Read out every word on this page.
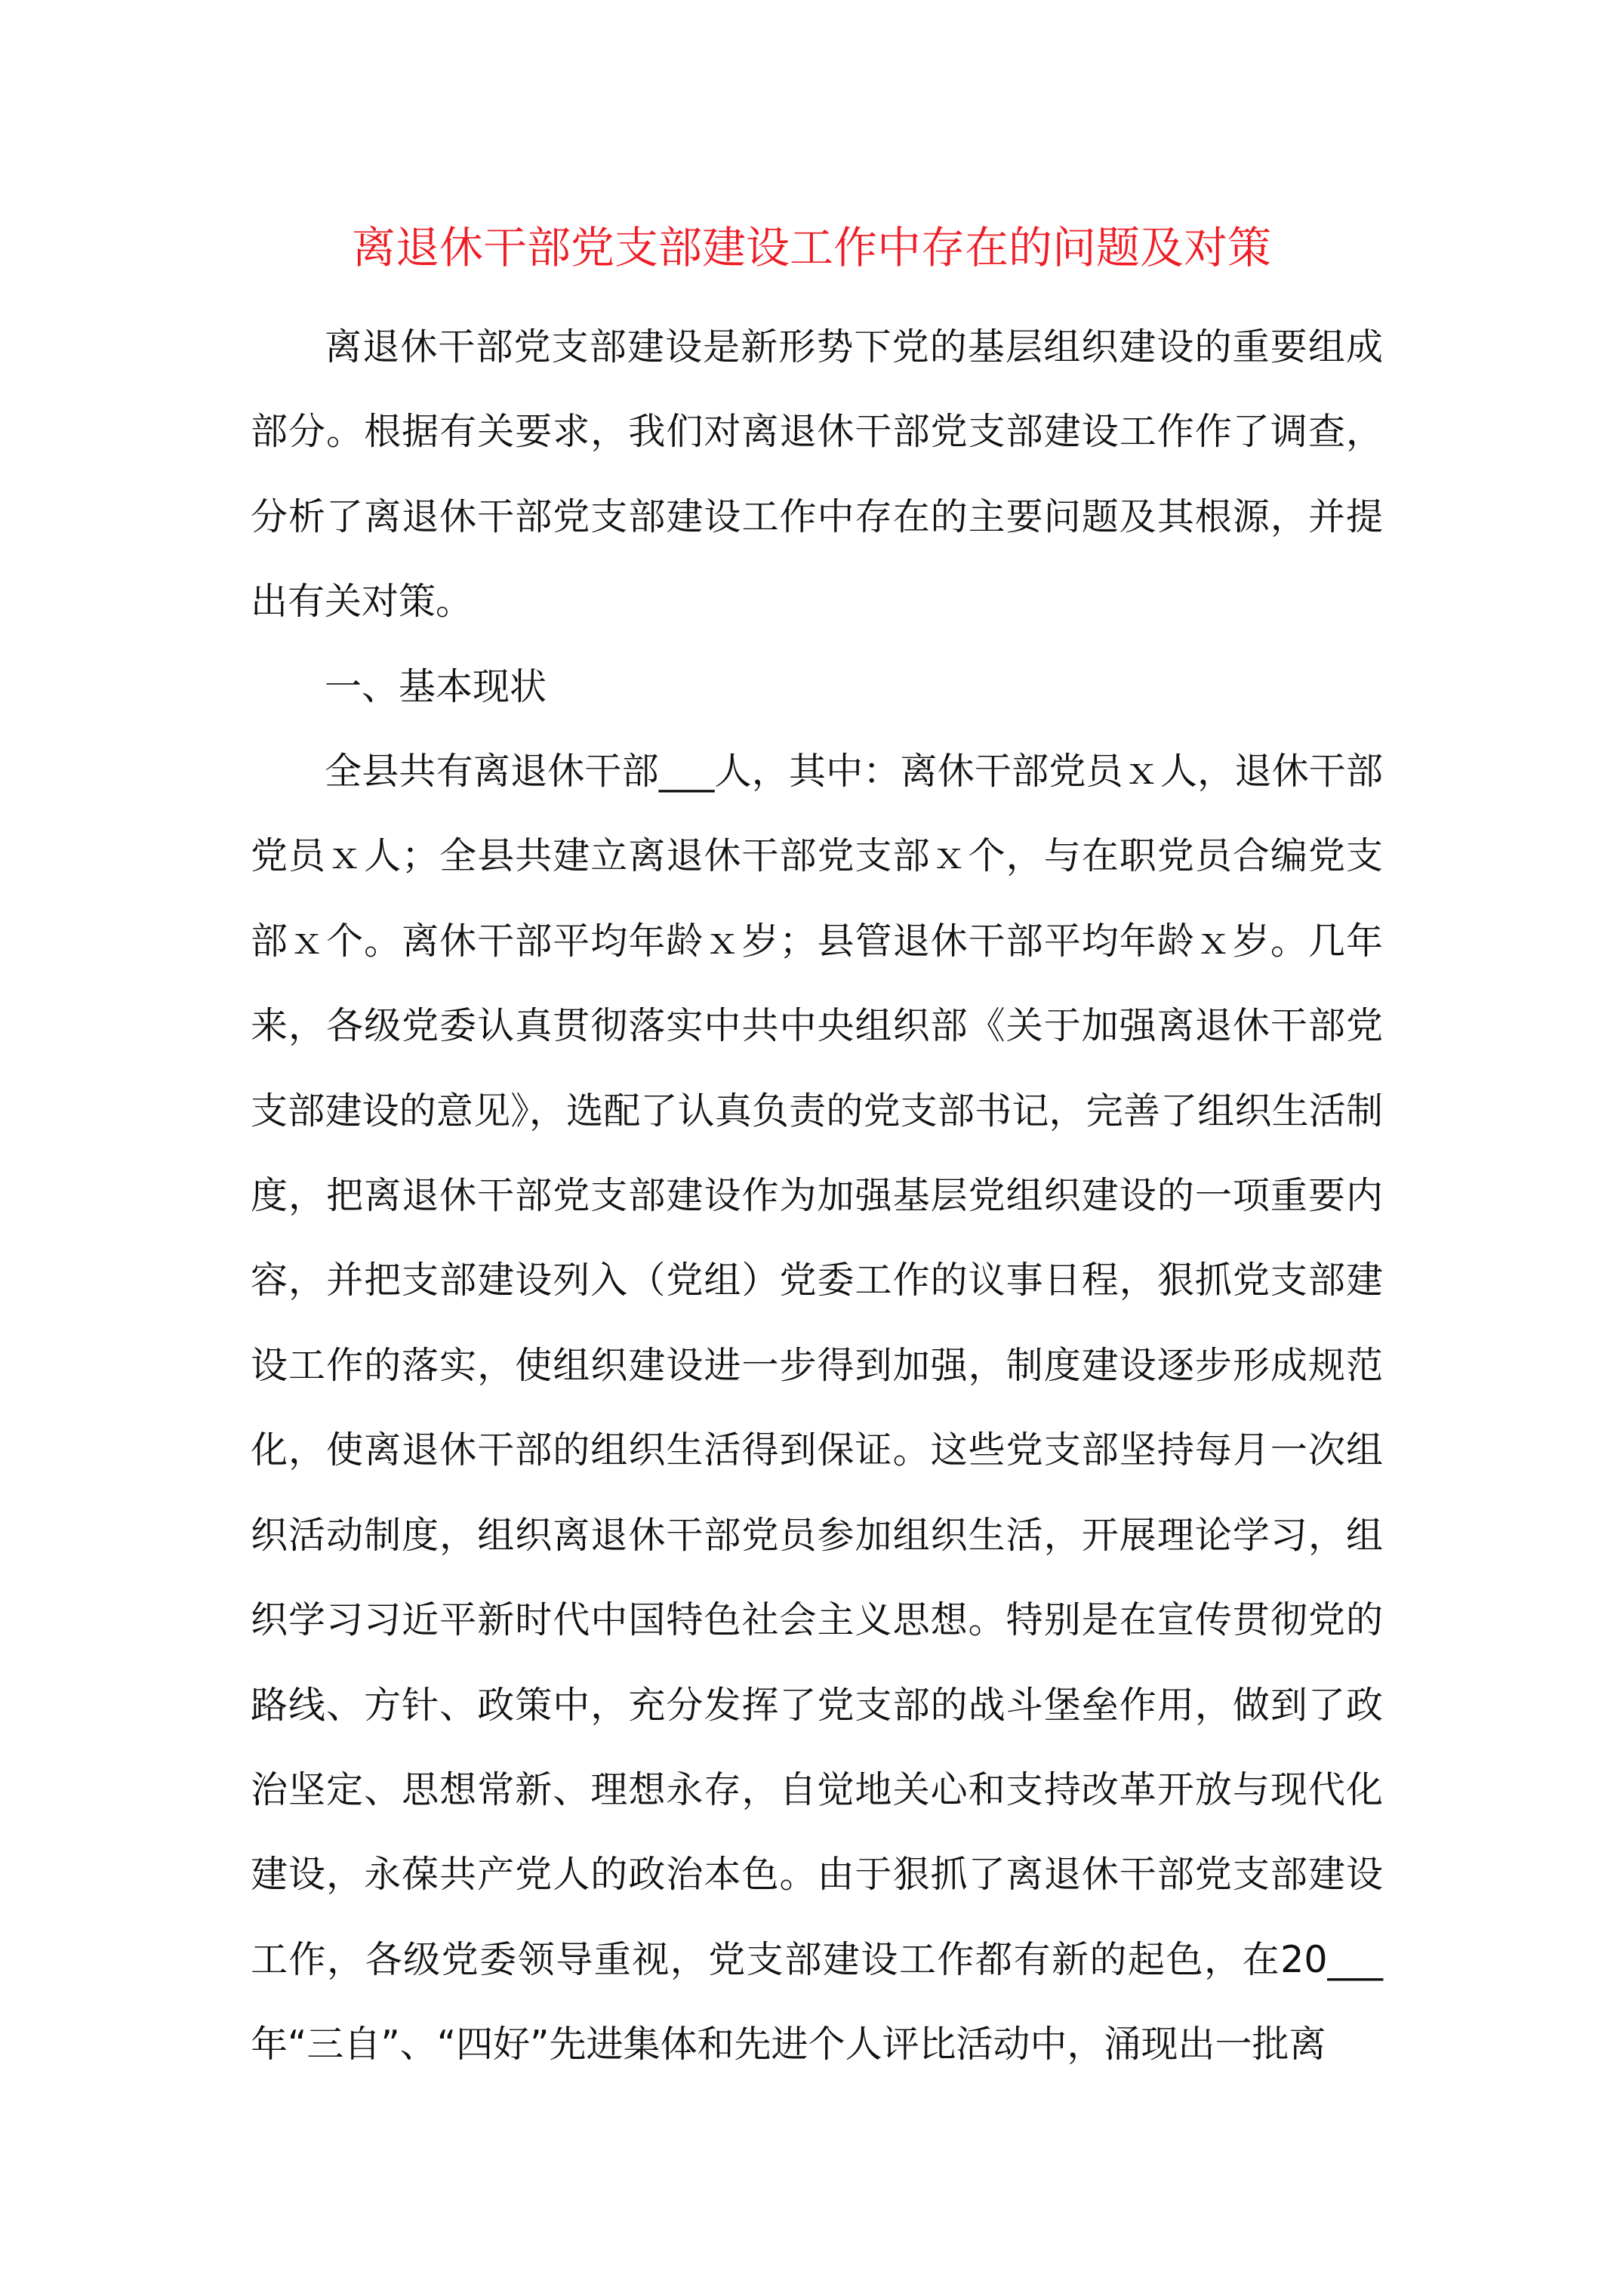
离退休干部党支部建设工作中存在的问题及对策

离退休干部党支部建设是新形势下党的基层组织建设的重要组成部分。根据有关要求，我们对离退休干部党支部建设工作作了调查，分析了离退休干部党支部建设工作中存在的主要问题及其根源，并提出有关对策。

一、基本现状

全县共有离退休干部___人，其中：离休干部党员ｘ人，退休干部党员ｘ人；全县共建立离退休干部党支部ｘ个，与在职党员合编党支部ｘ个。离休干部平均年龄ｘ岁；县管退休干部平均年龄ｘ岁。几年来，各级党委认真贯彻落实中共中央组织部《关于加强离退休干部党支部建设的意见》，选配了认真负责的党支部书记，完善了组织生活制度，把离退休干部党支部建设作为加强基层党组织建设的一项重要内容，并把支部建设列入（党组）党委工作的议事日程，狠抓党支部建设工作的落实，使组织建设进一步得到加强，制度建设逐步形成规范化，使离退休干部的组织生活得到保证。这些党支部坚持每月一次组织活动制度，组织离退休干部党员参加组织生活，开展理论学习，组织学习习近平新时代中国特色社会主义思想。特别是在宣传贯彻党的路线、方针、政策中，充分发挥了党支部的战斗堡垒作用，做到了政治坚定、思想常新、理想永存，自觉地关心和支持改革开放与现代化建设，永葆共产党人的政治本色。由于狠抓了离退休干部党支部建设工作，各级党委领导重视，党支部建设工作都有新的起色，在20___年“三自”、“四好”先进集体和先进个人评比活动中，涌现出一批离
